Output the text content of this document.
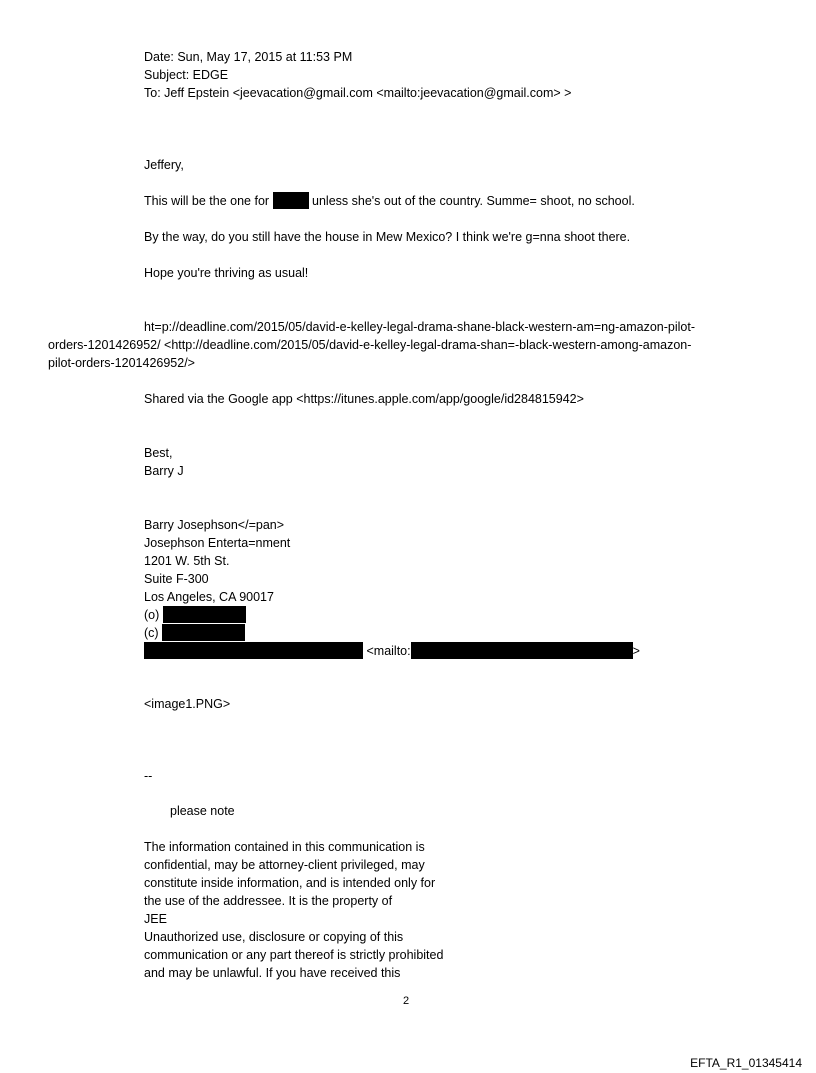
Date: Sun, May 17, 2015 at 11:53 PM
Subject: EDGE
To: Jeff Epstein <jeevacation@gmail.com <mailto:jeevacation@gmail.com> >
Jeffery,
This will be the one for	unless she's out of the country. Summe= shoot, no school.
By the way, do you still have the house in Mew Mexico? I think we're g=nna shoot there.
Hope you're thriving as usual!
ht=p://deadline.com/2015/05/david-e-kelley-legal-drama-shane-black-western-am=ng-amazon-pilot-
orders-1201426952/ <http://deadline.com/2015/05/david-e-kelley-legal-drama-shan=-black-western-among-amazon-
pilot-orders-1201426952/>
Shared via the Google app <https://itunes.apple.com/app/google/id284815942>
Best,
Barry J
Barry Josephson</=pan>
Josephson Enterta=nment
1201 W. 5th St.
Suite F-300
Los Angeles, CA 90017
(o)
(c)
<mailto:	>
<image1.PNG>
--
please note
The information contained in this communication is
confidential, may be attorney-client privileged, may
constitute inside information, and is intended only for
the use of the addressee. It is the property of
JEE
Unauthorized use, disclosure or copying of this
communication or any part thereof is strictly prohibited
and may be unlawful. If you have received this
2
EFTA_R1_01345414
